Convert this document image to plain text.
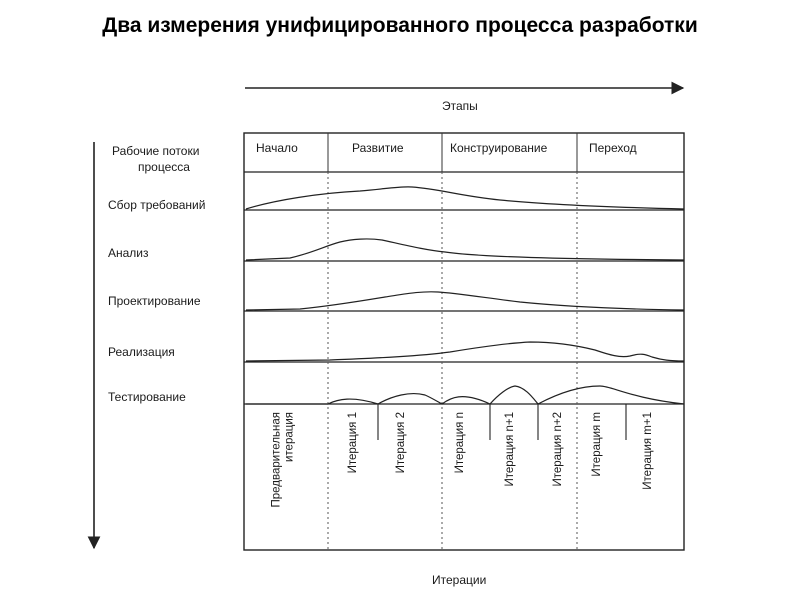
Два измерения унифицированного процесса разработки
Рабочие потоки
процесса
Сбор требований
Анализ
Проектирование
Реализация
Тестирование
Этапы
Начало	Развитие	Конструирование	Переход
Итерации
Предварительная итерация	Итерация 1	Итерация 2	Итерация n	Итерация n+1	Итерация n+2 Итерация m	Итерация m+1
